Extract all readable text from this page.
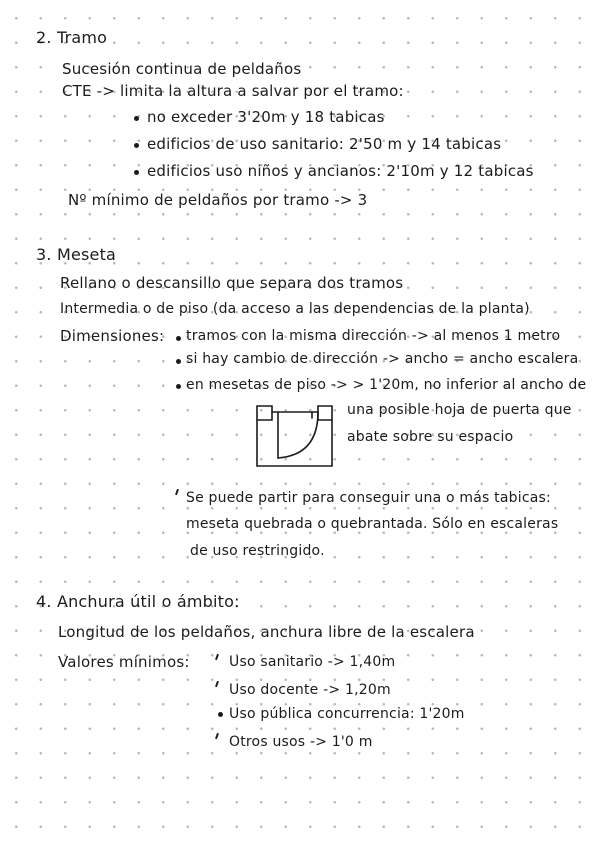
2. Tramo
Sucesión continua de peldaños
CTE -> limita la altura a salvar por el tramo:
no exceder 3'20m y 18 tabicas
edificios de uso sanitario: 2'50 m y 14 tabicas
edificios uso niños y ancianos: 2'10m y 12 tabicas
Nº mínimo de peldaños por tramo -> 3
3. Meseta
Rellano o descansillo que separa dos tramos
Intermedia o de piso (da acceso a las dependencias de la planta)
Dimensiones: tramos con la misma dirección -> al menos 1 metro
si hay cambio de dirección -> ancho = ancho escalera
en mesetas de piso -> > 1'20m, no inferior al ancho de
una posible hoja de puerta que
abate sobre su espacio
Se puede partir para conseguir una o más tabicas:
meseta quebrada o quebrantada. Sólo en escaleras
de uso restringido.
4. Anchura útil o ámbito:
Longitud de los peldaños, anchura libre de la escalera
Valores mínimos:	Uso sanitario -> 1,40m
Uso docente -> 1,20m
Uso pública concurrencia: 1'20m
Otros usos -> 1'0 m
